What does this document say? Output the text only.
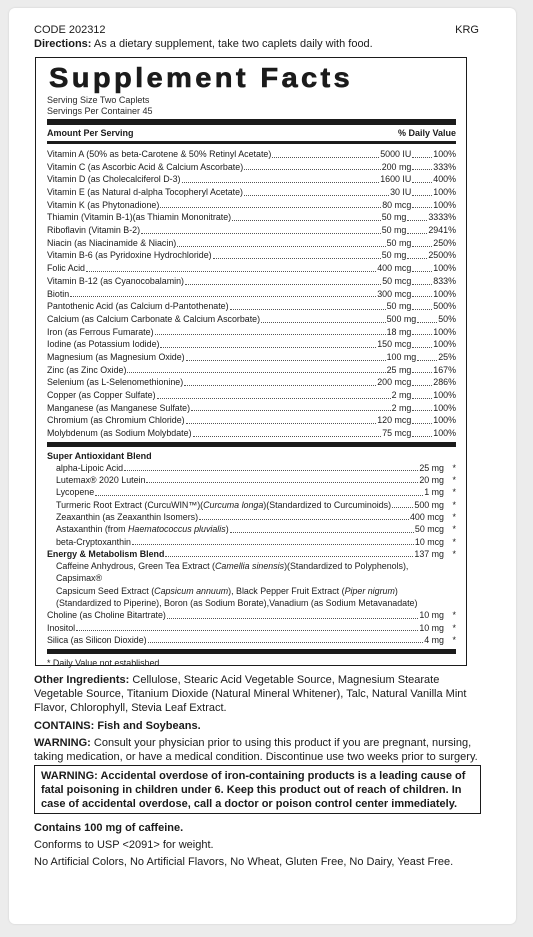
CODE 202312	KRG
Directions: As a dietary supplement, take two caplets daily with food.
Supplement Facts
Serving Size Two Caplets
Servings Per Container 45
Amount Per Serving	% Daily Value
Vitamin A (50% as beta-Carotene & 50% Retinyl Acetate)	5000 IU 100%
Vitamin C (as Ascorbic Acid & Calcium Ascorbate)	200 mg 333%
Vitamin D (as Cholecalciferol D-3)	1600 IU 400%
Vitamin E (as Natural d-alpha Tocopheryl Acetate)	30 IU 100%
Vitamin K (as Phytonadione)	80 mcg 100%
Thiamin (Vitamin B-1)(as Thiamin Mononitrate)	50 mg 3333%
Riboflavin (Vitamin B-2)	50 mg 2941%
Niacin (as Niacinamide & Niacin)	50 mg 250%
Vitamin B-6 (as Pyridoxine Hydrochloride)	50 mg 2500%
Folic Acid	400 mcg 100%
Vitamin B-12 (as Cyanocobalamin)	50 mcg 833%
Biotin	300 mcg 100%
Pantothenic Acid (as Calcium d-Pantothenate)	50 mg 500%
Calcium (as Calcium Carbonate & Calcium Ascorbate)	500 mg 50%
Iron (as Ferrous Fumarate)	18 mg 100%
Iodine (as Potassium Iodide)	150 mcg 100%
Magnesium (as Magnesium Oxide)	100 mg 25%
Zinc (as Zinc Oxide)	25 mg 167%
Selenium (as L-Selenomethionine)	200 mcg 286%
Copper (as Copper Sulfate)	2 mg 100%
Manganese (as Manganese Sulfate)	2 mg 100%
Chromium (as Chromium Chloride)	120 mcg 100%
Molybdenum (as Sodium Molybdate)	75 mcg 100%
Super Antioxidant Blend
alpha-Lipoic Acid	25 mg *
Lutemax® 2020 Lutein	20 mg *
Lycopene	1 mg *
Turmeric Root Extract (CurcuWIN™)(Curcuma longa)(Standardized to Curcuminoids)	500 mg *
Zeaxanthin (as Zeaxanthin Isomers)	400 mcg *
Astaxanthin (from Haematococcus pluvialis)	50 mcg *
beta-Cryptoxanthin	10 mcg *
Energy & Metabolism Blend	137 mg *
Caffeine Anhydrous, Green Tea Extract (Camellia sinensis)(Standardized to Polyphenols), Capsimax®
Capsicum Seed Extract (Capsicum annuum), Black Pepper Fruit Extract (Piper nigrum)
(Standardized to Piperine), Boron (as Sodium Borate),Vanadium (as Sodium Metavanadate)
Choline (as Choline Bitartrate)	10 mg *
Inositol	10 mg *
Silica (as Silicon Dioxide)	4 mg *
* Daily Value not established.
Other Ingredients: Cellulose, Stearic Acid Vegetable Source, Magnesium Stearate Vegetable Source, Titanium Dioxide (Natural Mineral Whitener), Talc, Natural Vanilla Mint Flavor, Chlorophyll, Stevia Leaf Extract.
CONTAINS: Fish and Soybeans.
WARNING: Consult your physician prior to using this product if you are pregnant, nursing, taking medication, or have a medical condition. Discontinue use two weeks prior to surgery.
WARNING: Accidental overdose of iron-containing products is a leading cause of fatal poisoning in children under 6. Keep this product out of reach of children. In case of accidental overdose, call a doctor or poison control center immediately.
Contains 100 mg of caffeine.
Conforms to USP <2091> for weight.
No Artificial Colors, No Artificial Flavors, No Wheat, Gluten Free, No Dairy, Yeast Free.
